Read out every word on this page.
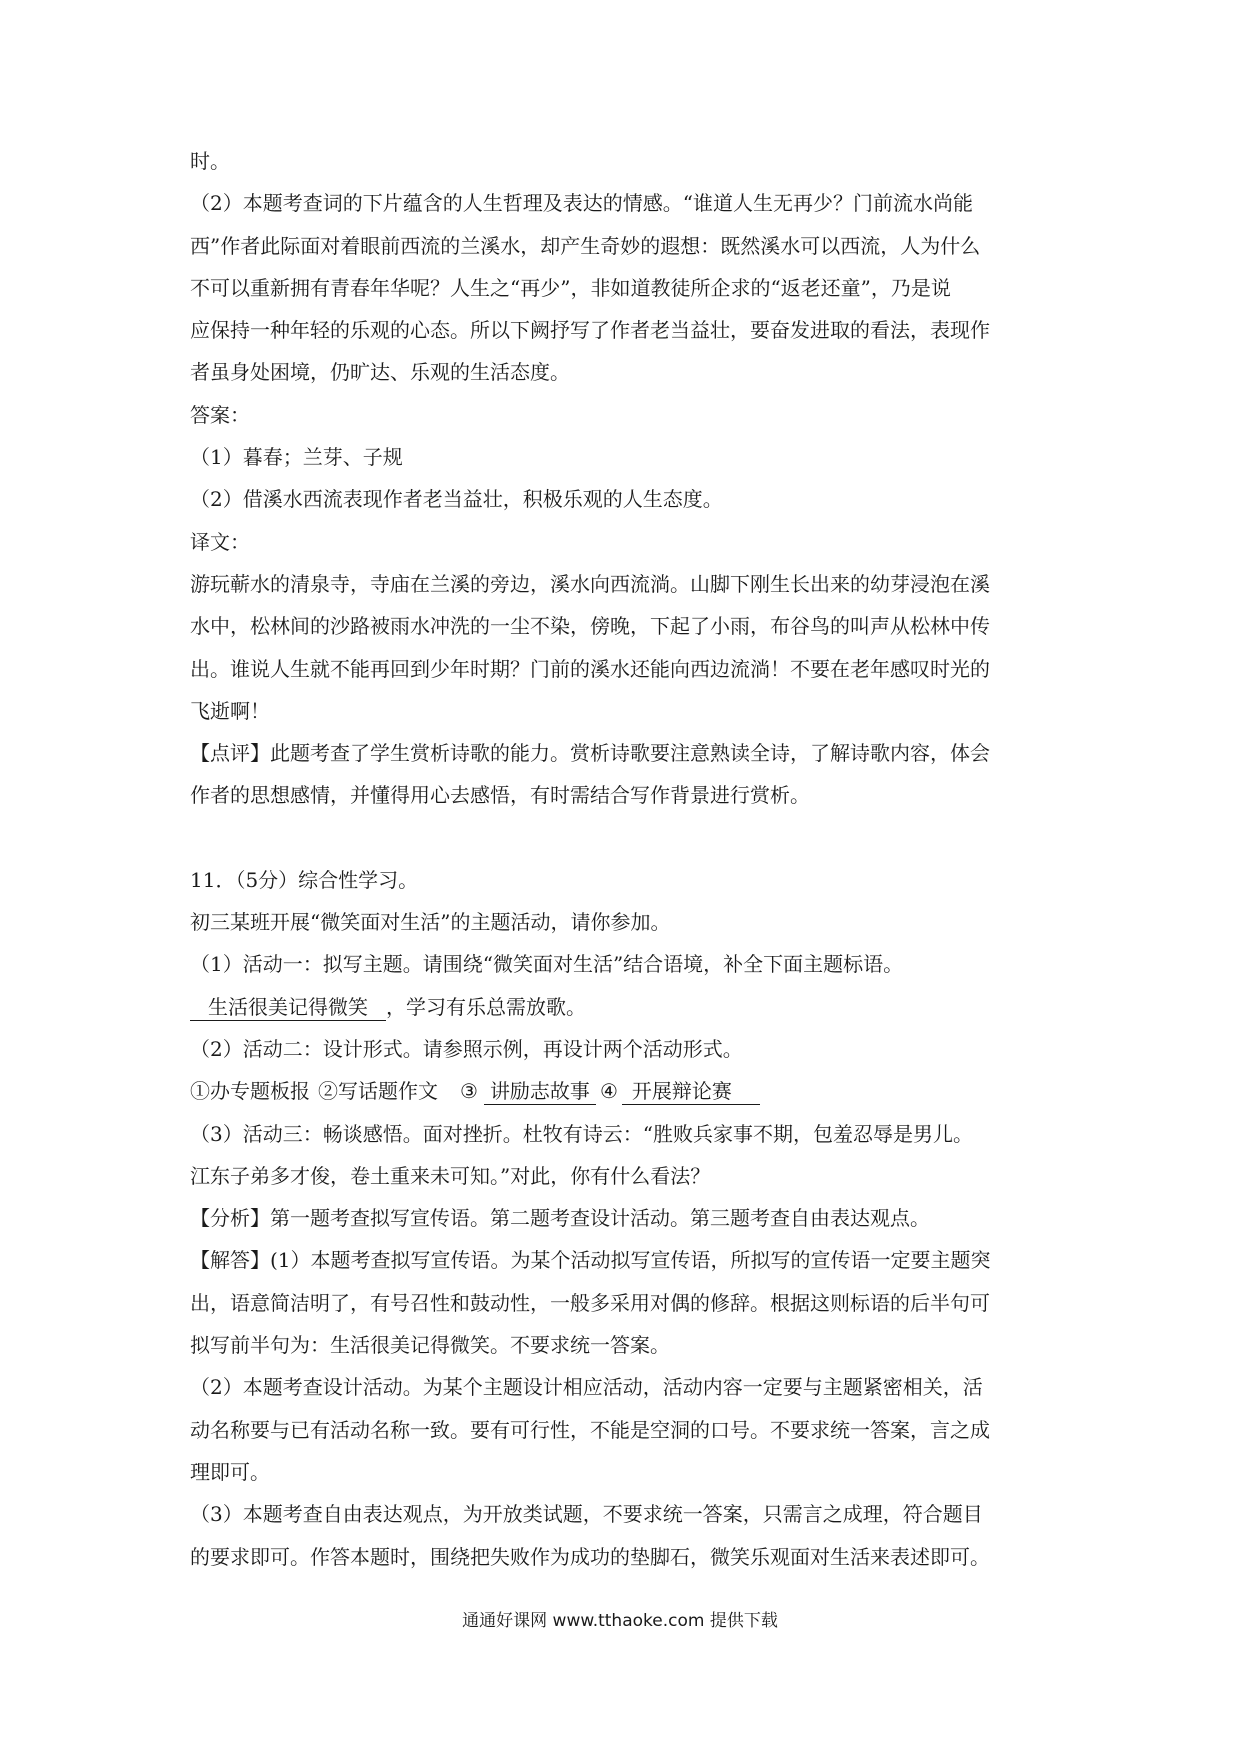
时。
（2）本题考查词的下片蕴含的人生哲理及表达的情感。“谁道人生无再少？门前流水尚能
西”作者此际面对着眼前西流的兰溪水，却产生奇妙的遐想：既然溪水可以西流，人为什么
不可以重新拥有青春年华呢？人生之“再少”，非如道教徒所企求的“返老还童”，乃是说
应保持一种年轻的乐观的心态。所以下阙抒写了作者老当益壮，要奋发进取的看法，表现作
者虽身处困境，仍旷达、乐观的生活态度。
答案：
（1）暮春；兰芽、子规
（2）借溪水西流表现作者老当益壮，积极乐观的人生态度。
译文：
游玩蕲水的清泉寺，寺庙在兰溪的旁边，溪水向西流淌。山脚下刚生长出来的幼芽浸泡在溪
水中，松林间的沙路被雨水冲洗的一尘不染，傍晚，下起了小雨，布谷鸟的叫声从松林中传
出。谁说人生就不能再回到少年时期？门前的溪水还能向西边流淌！不要在老年感叹时光的
飞逝啊！
【点评】此题考查了学生赏析诗歌的能力。赏析诗歌要注意熟读全诗，了解诗歌内容，体会
作者的思想感情，并懂得用心去感悟，有时需结合写作背景进行赏析。
11．（5分）综合性学习。
初三某班开展“微笑面对生活”的主题活动，请你参加。
（1）活动一：拟写主题。请围绕“微笑面对生活”结合语境，补全下面主题标语。
生活很美记得微笑 ，学习有乐总需放歌。
（2）活动二：设计形式。请参照示例，再设计两个活动形式。
①办专题板报 ②写话题作文 ③ 讲励志故事 ④ 开展辩论赛
（3）活动三：畅谈感悟。面对挫折。杜牧有诗云：“胜败兵家事不期，包羞忍辱是男儿。
江东子弟多才俊，卷土重来未可知。”对此，你有什么看法？
【分析】第一题考查拟写宣传语。第二题考查设计活动。第三题考查自由表达观点。
【解答】(1）本题考查拟写宣传语。为某个活动拟写宣传语，所拟写的宣传语一定要主题突
出，语意简洁明了，有号召性和鼓动性，一般多采用对偶的修辞。根据这则标语的后半句可
拟写前半句为：生活很美记得微笑。不要求统一答案。
（2）本题考查设计活动。为某个主题设计相应活动，活动内容一定要与主题紧密相关，活
动名称要与已有活动名称一致。要有可行性，不能是空洞的口号。不要求统一答案，言之成
理即可。
（3）本题考查自由表达观点，为开放类试题，不要求统一答案，只需言之成理，符合题目
的要求即可。作答本题时，围绕把失败作为成功的垫脚石，微笑乐观面对生活来表述即可。
通通好课网 www.tthaoke.com 提供下载
